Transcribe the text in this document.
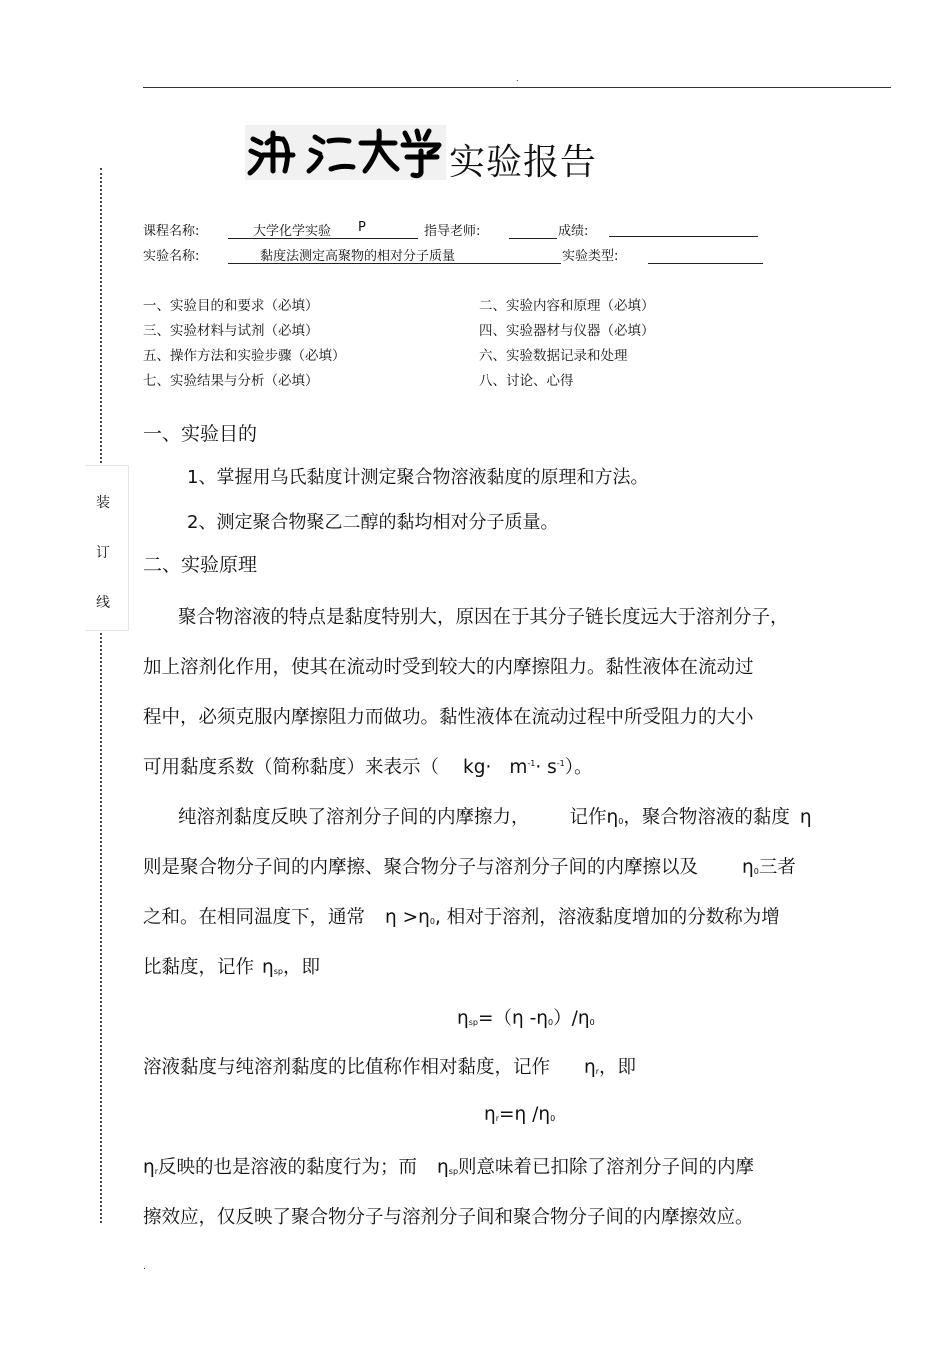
.
装
订
线
实验报告
课程名称:	大学化学实验 P	指导老师:	成绩:
实验名称:	黏度法测定高聚物的相对分子质量	实验类型:
一、实验目的和要求（必填）	二、实验内容和原理（必填）
三、实验材料与试剂（必填）	四、实验器材与仪器（必填）
五、操作方法和实验步骤（必填）	六、实验数据记录和处理
七、实验结果与分析（必填）	八、讨论、心得
一、实验目的
1、掌握用乌氏黏度计测定聚合物溶液黏度的原理和方法。
2、测定聚合物聚乙二醇的黏均相对分子质量。
二、实验原理
聚合物溶液的特点是黏度特别大，原因在于其分子链长度远大于溶剂分子，
加上溶剂化作用，使其在流动时受到较大的内摩擦阻力。黏性液体在流动过
程中，必须克服内摩擦阻力而做功。黏性液体在流动过程中所受阻力的大小
可用黏度系数（简称黏度）来表示（ $kg\cdot m^{-1}\cdot s^{-1}$）。
纯溶剂黏度反映了溶剂分子间的内摩擦力， 记作η0，聚合物溶液的黏度 η
则是聚合物分子间的内摩擦、聚合物分子与溶剂分子间的内摩擦以及 η0三者
之和。在相同温度下，通常 η >η0, 相对于溶剂，溶液黏度增加的分数称为增
比黏度，记作 ηsp，即
ηsp=（η -η0）/η0
溶液黏度与纯溶剂黏度的比值称作相对黏度，记作 ηr，即
ηr=η /η0
ηr反映的也是溶液的黏度行为；而 ηsp则意味着已扣除了溶剂分子间的内摩
擦效应，仅反映了聚合物分子与溶剂分子间和聚合物分子间的内摩擦效应。
.
